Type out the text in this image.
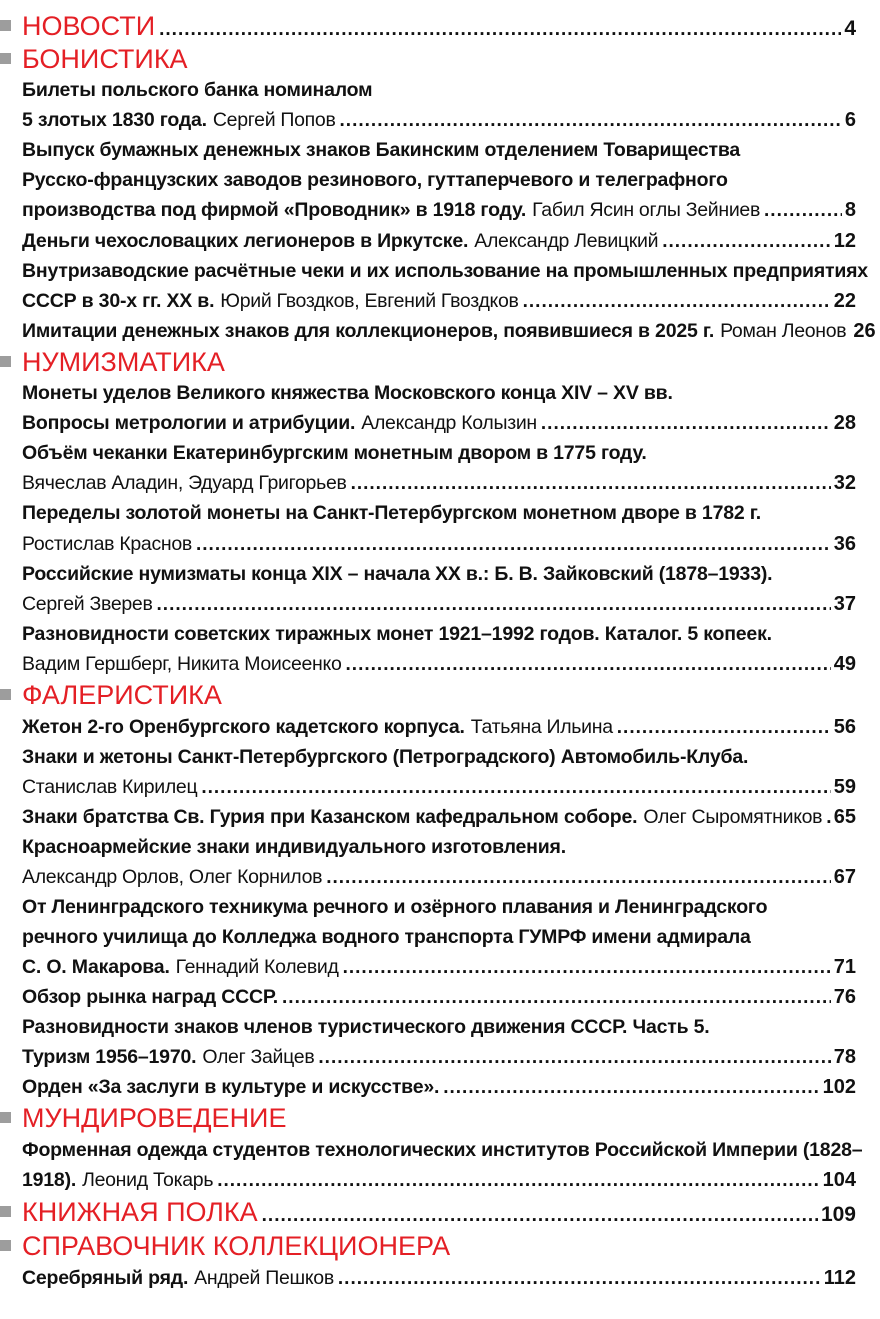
НОВОСТИ .....	4
БОНИСТИКА
Билеты польского банка номиналом
5 злотых 1830 года. Сергей Попов .....	6
Выпуск бумажных денежных знаков Бакинским отделением Товарищества
Русско-французских заводов резинового, гуттаперчевого и телеграфного
производства под фирмой «Проводник» в 1918 году. Габил Ясин оглы Зейниев .....	8
Деньги чехословацких легионеров в Иркутске. Александр Левицкий .....	12
Внутризаводские расчётные чеки и их использование на промышленных предприятиях
СССР в 30-х гг. XX в. Юрий Гвоздков, Евгений Гвоздков .....	22
Имитации денежных знаков для коллекционеров, появившиеся в 2025 г. Роман Леонов 26
НУМИЗМАТИКА
Монеты уделов Великого княжества Московского конца XIV – XV вв.
Вопросы метрологии и атрибуции. Александр Колызин .....	28
Объём чеканки Екатеринбургским монетным двором в 1775 году.
Вячеслав Аладин, Эдуард Григорьев .....	32
Переделы золотой монеты на Санкт-Петербургском монетном дворе в 1782 г.
Ростислав Краснов .....	36
Российские нумизматы конца XIX – начала XX в.: Б. В. Зайковский (1878–1933).
Сергей Зверев .....	37
Разновидности советских тиражных монет 1921–1992 годов. Каталог. 5 копеек.
Вадим Гершберг, Никита Моисеенко .....	49
ФАЛЕРИСТИКА
Жетон 2-го Оренбургского кадетского корпуса. Татьяна Ильина .....	56
Знаки и жетоны Санкт-Петербургского (Петроградского) Автомобиль-Клуба.
Станислав Кирилец .....	59
Знаки братства Св. Гурия при Казанском кафедральном соборе. Олег Сыромятников ..... 65
Красноармейские знаки индивидуального изготовления.
Александр Орлов, Олег Корнилов .....	67
От Ленинградского техникума речного и озёрного плавания и Ленинградского
речного училища до Колледжа водного транспорта ГУМРФ имени адмирала
С. О. Макарова. Геннадий Колевид .....	71
Обзор рынка наград СССР. .....	76
Разновидности знаков членов туристического движения СССР. Часть 5.
Туризм 1956–1970. Олег Зайцев .....	78
Орден «За заслуги в культуре и искусстве». .....	102
МУНДИРОВЕДЕНИЕ
Форменная одежда студентов технологических институтов Российской Империи (1828–
1918). Леонид Токарь .....	104
КНИЖНАЯ ПОЛКА .....	109
СПРАВОЧНИК КОЛЛЕКЦИОНЕРА
Серебряный ряд. Андрей Пешков .....	112
